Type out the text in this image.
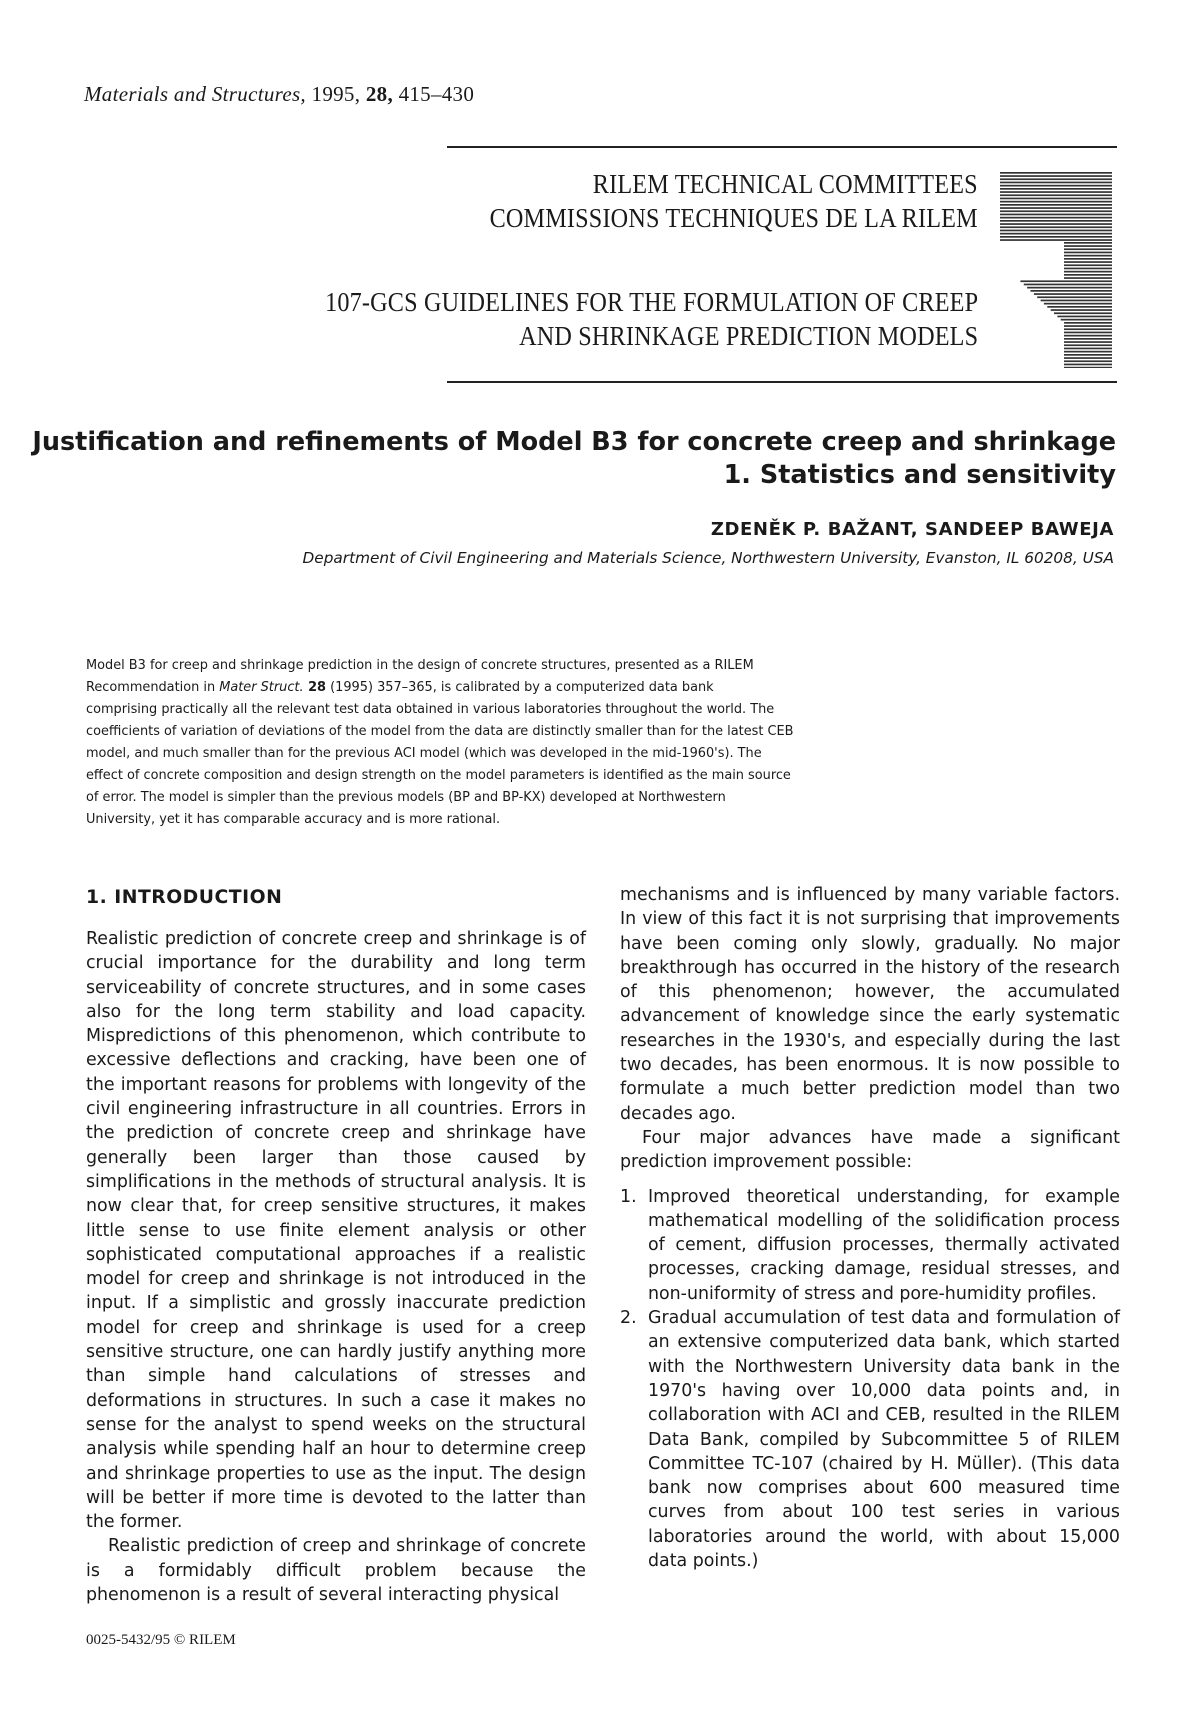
Materials and Structures, 1995, 28, 415–430
RILEM TECHNICAL COMMITTEES
COMMISSIONS TECHNIQUES DE LA RILEM
107-GCS GUIDELINES FOR THE FORMULATION OF CREEP
AND SHRINKAGE PREDICTION MODELS
Justification and refinements of Model B3 for concrete creep and shrinkage
1. Statistics and sensitivity
ZDENĚK P. BAŽANT, SANDEEP BAWEJA
Department of Civil Engineering and Materials Science, Northwestern University, Evanston, IL 60208, USA
Model B3 for creep and shrinkage prediction in the design of concrete structures, presented as a RILEM
Recommendation in Mater Struct. 28 (1995) 357–365, is calibrated by a computerized data bank
comprising practically all the relevant test data obtained in various laboratories throughout the world. The
coefficients of variation of deviations of the model from the data are distinctly smaller than for the latest CEB
model, and much smaller than for the previous ACI model (which was developed in the mid-1960's). The
effect of concrete composition and design strength on the model parameters is identified as the main source
of error. The model is simpler than the previous models (BP and BP-KX) developed at Northwestern
University, yet it has comparable accuracy and is more rational.
1. INTRODUCTION

Realistic prediction of concrete creep and shrinkage is of crucial importance for the durability and long term serviceability of concrete structures, and in some cases also for the long term stability and load capacity. Mispredictions of this phenomenon, which contribute to excessive deflections and cracking, have been one of the important reasons for problems with longevity of the civil engineering infrastructure in all countries. Errors in the prediction of concrete creep and shrinkage have generally been larger than those caused by simplifications in the methods of structural analysis. It is now clear that, for creep sensitive structures, it makes little sense to use finite element analysis or other sophisticated computational approaches if a realistic model for creep and shrinkage is not introduced in the input. If a simplistic and grossly inaccurate prediction model for creep and shrinkage is used for a creep sensitive structure, one can hardly justify anything more than simple hand calculations of stresses and deformations in structures. In such a case it makes no sense for the analyst to spend weeks on the structural analysis while spending half an hour to determine creep and shrinkage properties to use as the input. The design will be better if more time is devoted to the latter than the former.

Realistic prediction of creep and shrinkage of concrete is a formidably difficult problem because the phenomenon is a result of several interacting physical

mechanisms and is influenced by many variable factors. In view of this fact it is not surprising that improvements have been coming only slowly, gradually. No major breakthrough has occurred in the history of the research of this phenomenon; however, the accumulated advancement of knowledge since the early systematic researches in the 1930's, and especially during the last two decades, has been enormous. It is now possible to formulate a much better prediction model than two decades ago.

Four major advances have made a significant prediction improvement possible:

1. Improved theoretical understanding, for example mathematical modelling of the solidification process of cement, diffusion processes, thermally activated processes, cracking damage, residual stresses, and non-uniformity of stress and pore-humidity profiles.
2. Gradual accumulation of test data and formulation of an extensive computerized data bank, which started with the Northwestern University data bank in the 1970's having over 10,000 data points and, in collaboration with ACI and CEB, resulted in the RILEM Data Bank, compiled by Subcommittee 5 of RILEM Committee TC-107 (chaired by H. Müller). (This data bank now comprises about 600 measured time curves from about 100 test series in various laboratories around the world, with about 15,000 data points.)
0025-5432/95 © RILEM
